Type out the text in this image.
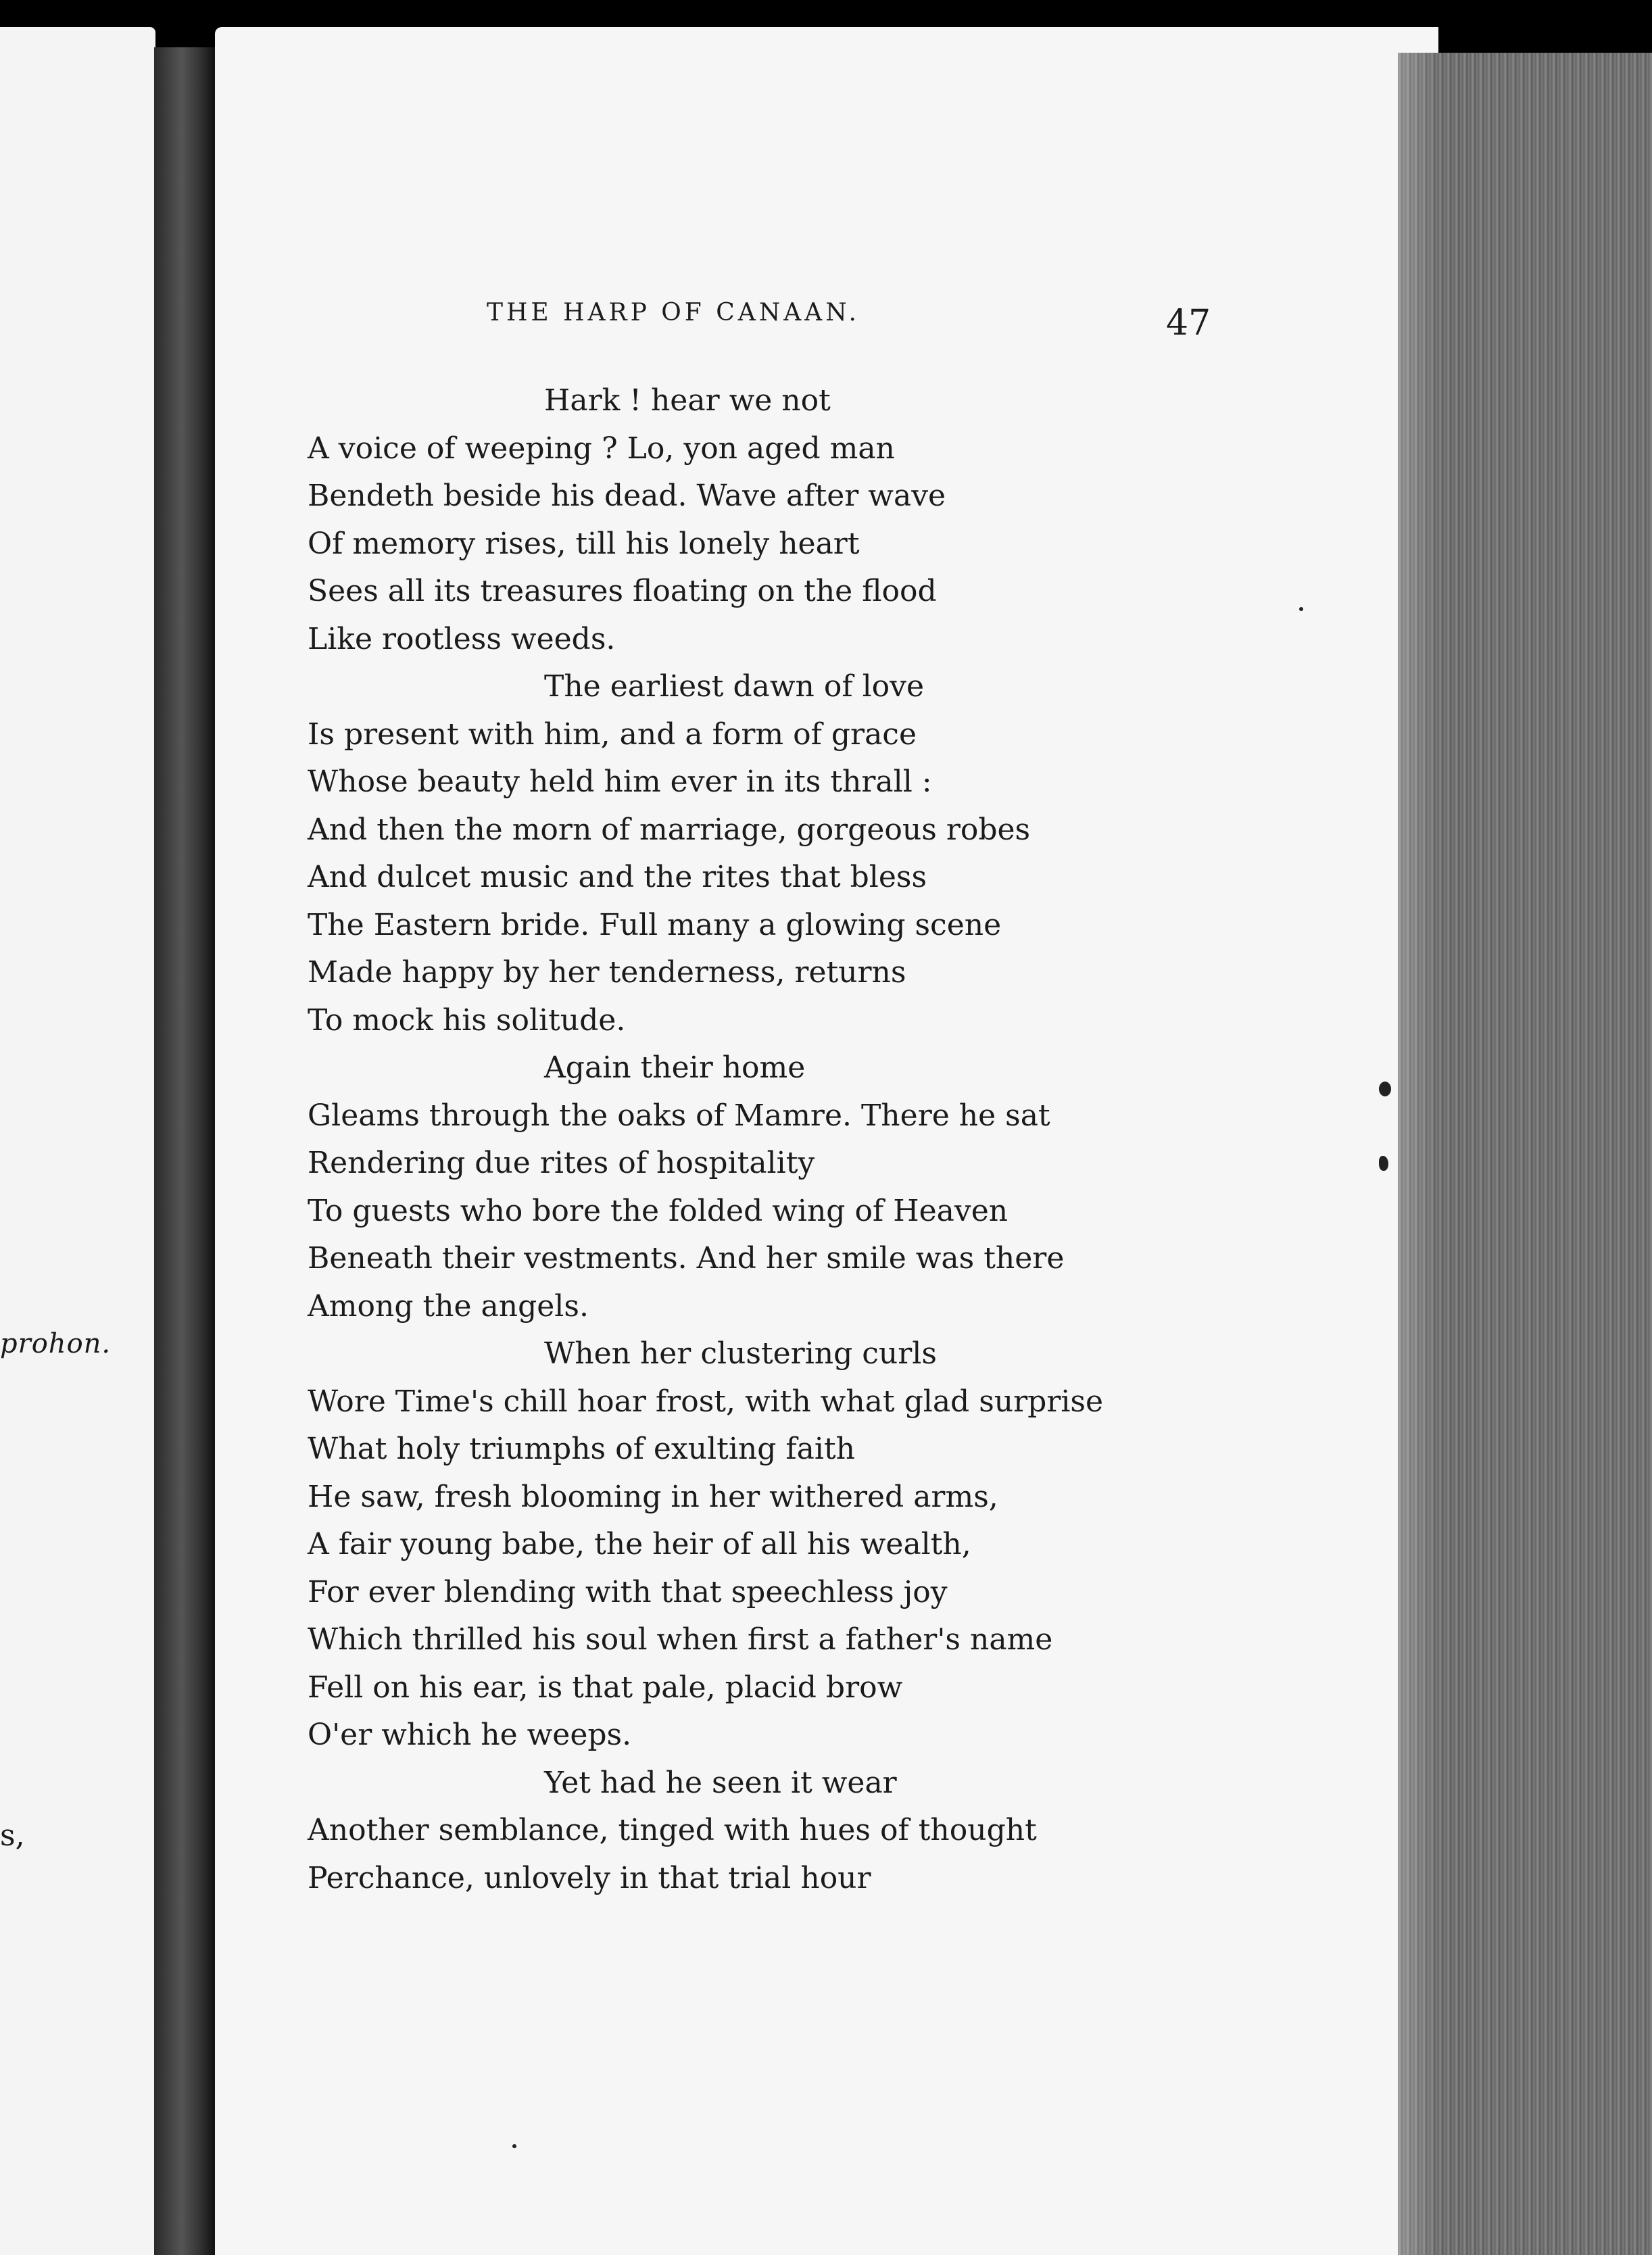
prohon.
s,
THE HARP OF CANAAN.	47
Hark ! hear we not
A voice of weeping ? Lo, yon aged man
Bendeth beside his dead. Wave after wave
Of memory rises, till his lonely heart
Sees all its treasures floating on the flood
Like rootless weeds.
The earliest dawn of love
Is present with him, and a form of grace
Whose beauty held him ever in its thrall :
And then the morn of marriage, gorgeous robes
And dulcet music and the rites that bless
The Eastern bride. Full many a glowing scene
Made happy by her tenderness, returns
To mock his solitude.
Again their home
Gleams through the oaks of Mamre. There he sat
Rendering due rites of hospitality
To guests who bore the folded wing of Heaven
Beneath their vestments. And her smile was there
Among the angels.
When her clustering curls
Wore Time's chill hoar frost, with what glad surprise
What holy triumphs of exulting faith
He saw, fresh blooming in her withered arms,
A fair young babe, the heir of all his wealth,
For ever blending with that speechless joy
Which thrilled his soul when first a father's name
Fell on his ear, is that pale, placid brow
O'er which he weeps.
Yet had he seen it wear
Another semblance, tinged with hues of thought
Perchance, unlovely in that trial hour
